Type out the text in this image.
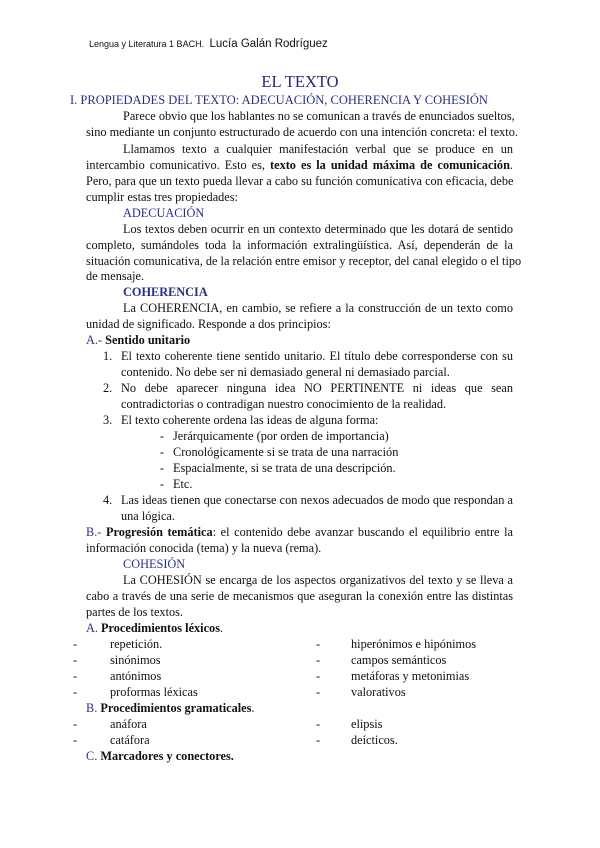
Lengua y Literatura 1 BACH. Lucía Galán Rodríguez
EL TEXTO
I. PROPIEDADES DEL TEXTO: ADECUACIÓN, COHERENCIA Y COHESIÓN
Parece obvio que los hablantes no se comunican a través de enunciados sueltos,
sino mediante un conjunto estructurado de acuerdo con una intención concreta: el texto.
Llamamos texto a cualquier manifestación verbal que se produce en un
intercambio comunicativo. Esto es, texto es la unidad máxima de comunicación.
Pero, para que un texto pueda llevar a cabo su función comunicativa con eficacia, debe
cumplir estas tres propiedades:
ADECUACIÓN
Los textos deben ocurrir en un contexto determinado que les dotará de sentido
completo, sumándoles toda la información extralingüística. Así, dependerán de la
situación comunicativa, de la relación entre emisor y receptor, del canal elegido o el tipo
de mensaje.
COHERENCIA
La COHERENCIA, en cambio, se refiere a la construcción de un texto como
unidad de significado. Responde a dos principios:
A.- Sentido unitario
1. El texto coherente tiene sentido unitario. El título debe corresponderse con su
contenido. No debe ser ni demasiado general ni demasiado parcial.
2. No debe aparecer ninguna idea NO PERTINENTE ni ideas que sean
contradictorias o contradigan nuestro conocimiento de la realidad.
3. El texto coherente ordena las ideas de alguna forma:
- Jerárquicamente (por orden de importancia)
- Cronológicamente si se trata de una narración
- Espacialmente, si se trata de una descripción.
- Etc.
4. Las ideas tienen que conectarse con nexos adecuados de modo que respondan a
una lógica.
B.- Progresión temática: el contenido debe avanzar buscando el equilibrio entre la
información conocida (tema) y la nueva (rema).
COHESIÓN
La COHESIÓN se encarga de los aspectos organizativos del texto y se lleva a
cabo a través de una serie de mecanismos que aseguran la conexión entre las distintas
partes de los textos.
A. Procedimientos léxicos.
-	repetición.	-	hiperónimos e hipónimos
-	sinónimos	-	campos semánticos
-	antónimos	-	metáforas y metonimias
-	proformas léxicas	-	valorativos
B. Procedimientos gramaticales.
-	anáfora	-	elipsis
-	catáfora	-	deícticos.
C. Marcadores y conectores.
